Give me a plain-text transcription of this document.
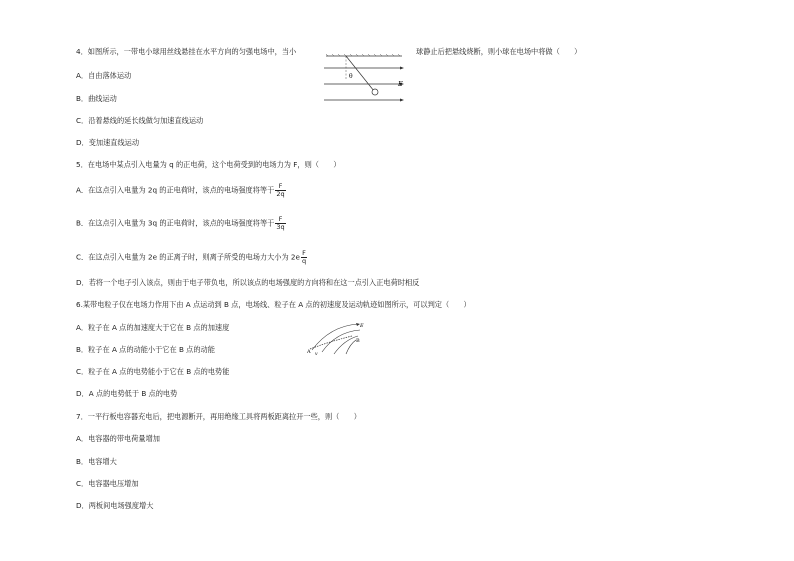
4．如图所示，一带电小球用丝线悬挂在水平方向的匀强电场中，当小	球静止后把悬线烧断，则小球在电场中将做（　　）
θ
E
A．自由落体运动
B．曲线运动
C．沿着悬线的延长线做匀加速直线运动
D．变加速直线运动
5．在电场中某点引入电量为 q 的正电荷，这个电荷受到的电场力为 F，则（　　）
A．在这点引入电量为 2q 的正电荷时，该点的电场强度将等于 $\frac{F}{2q}$
B．在这点引入电量为 3q 的正电荷时，该点的电场强度将等于 $\frac{F}{3q}$
C．在这点引入电量为 2e 的正离子时，则离子所受的电场力大小为 $2e \frac{F}{q}$
D．若将一个电子引入该点，则由于电子带负电，所以该点的电场强度的方向将和在这一点引入正电荷时相反
6.某带电粒子仅在电场力作用下由 A 点运动到 B 点，电场线、粒子在 A 点的初速度及运动轨迹如图所示，可以判定（　　）
A．粒子在 A 点的加速度大于它在 B 点的加速度
B．粒子在 A 点的动能小于它在 B 点的动能
C．粒子在 A 点的电势能小于它在 B 点的电势能
D．A 点的电势低于 B 点的电势
A
B
E
v
7．一平行板电容器充电后，把电源断开，再用绝缘工具将两板距离拉开一些，则（　　）
A．电容器的带电荷量增加
B．电容增大
C．电容器电压增加
D．两板间电场强度增大
